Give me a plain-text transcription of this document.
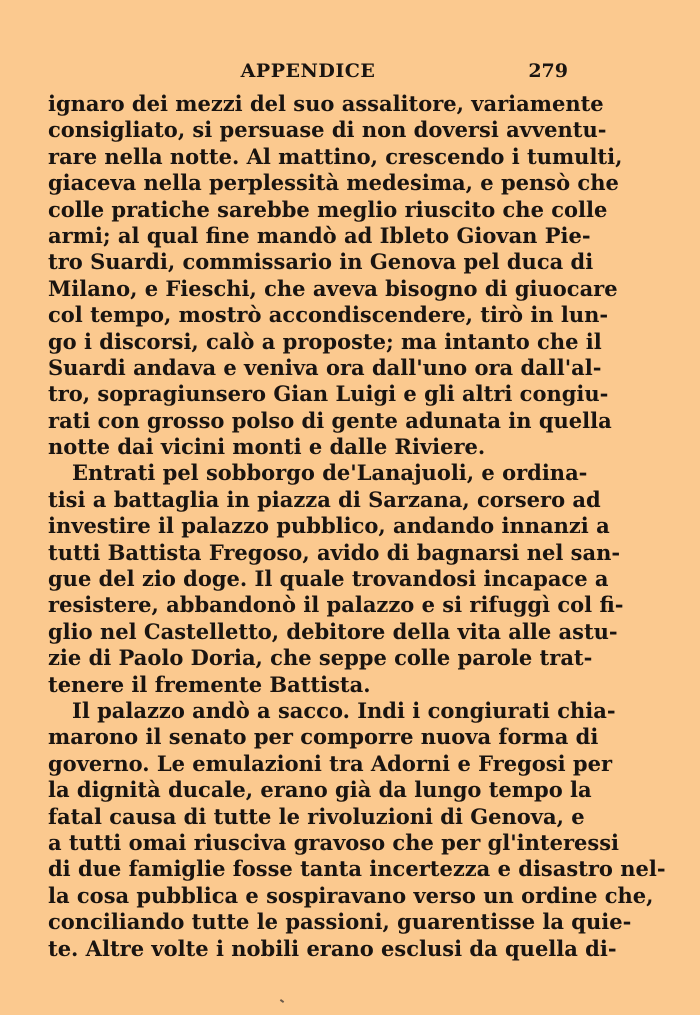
APPENDICE	279
ignaro dei mezzi del suo assalitore, variamente
consigliato, si persuase di non doversi avventu-
rare nella notte. Al mattino, crescendo i tumulti,
giaceva nella perplessità medesima, e pensò che
colle pratiche sarebbe meglio riuscito che colle
armi; al qual fine mandò ad Ibleto Giovan Pie-
tro Suardi, commissario in Genova pel duca di
Milano, e Fieschi, che aveva bisogno di giuocare
col tempo, mostrò accondiscendere, tirò in lun-
go i discorsi, calò a proposte; ma intanto che il
Suardi andava e veniva ora dall'uno ora dall'al-
tro, sopragiunsero Gian Luigi e gli altri congiu-
rati con grosso polso di gente adunata in quella
notte dai vicini monti e dalle Riviere.
Entrati pel sobborgo de'Lanajuoli, e ordina-
tisi a battaglia in piazza di Sarzana, corsero ad
investire il palazzo pubblico, andando innanzi a
tutti Battista Fregoso, avido di bagnarsi nel san-
gue del zio doge. Il quale trovandosi incapace a
resistere, abbandonò il palazzo e si rifuggì col fi-
glio nel Castelletto, debitore della vita alle astu-
zie di Paolo Doria, che seppe colle parole trat-
tenere il fremente Battista.
Il palazzo andò a sacco. Indi i congiurati chia-
marono il senato per comporre nuova forma di
governo. Le emulazioni tra Adorni e Fregosi per
la dignità ducale, erano già da lungo tempo la
fatal causa di tutte le rivoluzioni di Genova, e
a tutti omai riusciva gravoso che per gl'interessi
di due famiglie fosse tanta incertezza e disastro nel-
la cosa pubblica e sospiravano verso un ordine che,
conciliando tutte le passioni, guarentisse la quie-
te. Altre volte i nobili erano esclusi da quella di-
